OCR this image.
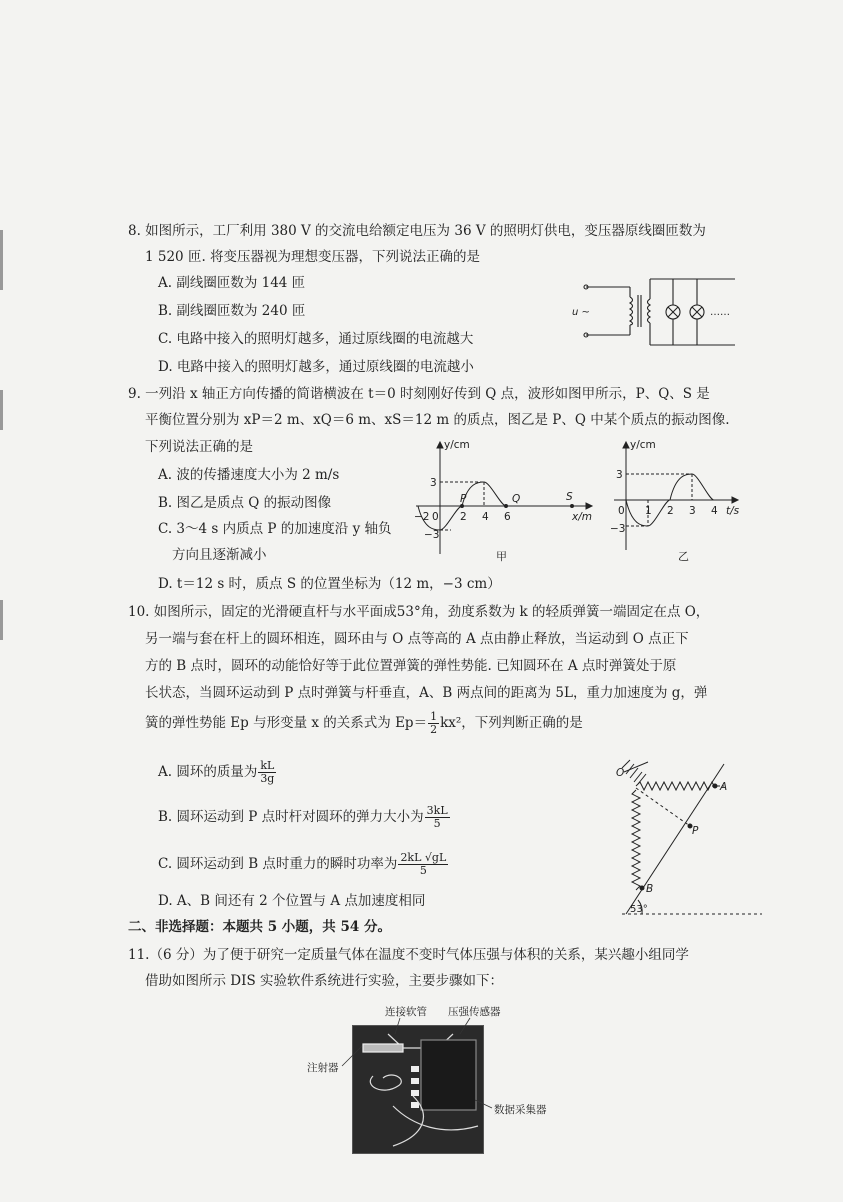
8. 如图所示，工厂利用 380 V 的交流电给额定电压为 36 V 的照明灯供电，变压器原线圈匝数为
1 520 匝. 将变压器视为理想变压器，下列说法正确的是
A. 副线圈匝数为 144 匝
B. 副线圈匝数为 240 匝
C. 电路中接入的照明灯越多，通过原线圈的电流越大
D. 电路中接入的照明灯越多，通过原线圈的电流越小
u ~	……
9. 一列沿 x 轴正方向传播的简谐横波在 t＝0 时刻刚好传到 Q 点，波形如图甲所示，P、Q、S 是
平衡位置分别为 xP＝2 m、xQ＝6 m、xS＝12 m 的质点，图乙是 P、Q 中某个质点的振动图像.
下列说法正确的是
A. 波的传播速度大小为 2 m/s
B. 图乙是质点 Q 的振动图像
C. 3～4 s 内质点 P 的加速度沿 y 轴负
方向且逐渐减小
D. t＝12 s 时，质点 S 的位置坐标为（12 m，−3 cm）
y/cm
x/m
3
−3
−2 0 2 4 6
P	Q	S
甲
y/cm
t/s
3
−3
0 1 2 3 4
乙
10. 如图所示，固定的光滑硬直杆与水平面成53°角，劲度系数为 k 的轻质弹簧一端固定在点 O，
另一端与套在杆上的圆环相连，圆环由与 O 点等高的 A 点由静止释放，当运动到 O 点正下
方的 B 点时，圆环的动能恰好等于此位置弹簧的弹性势能. 已知圆环在 A 点时弹簧处于原
长状态，当圆环运动到 P 点时弹簧与杆垂直，A、B 两点间的距离为 5L，重力加速度为 g，弹
簧的弹性势能 Ep 与形变量 x 的关系式为 $Ep= \frac{1}{2} kx^2$，下列判断正确的是
A. 圆环的质量为 $\frac{kL}{3g}$
B. 圆环运动到 P 点时杆对圆环的弹力大小为 $\frac{3kL}{5}$
C. 圆环运动到 B 点时重力的瞬时功率为 $\frac{2kL √gL}{5}$
D. A、B 间还有 2 个位置与 A 点加速度相同
O
A
P
B
53°
二、非选择题：本题共 5 小题，共 54 分。
11.（6 分）为了便于研究一定质量气体在温度不变时气体压强与体积的关系，某兴趣小组同学
借助如图所示 DIS 实验软件系统进行实验，主要步骤如下：
连接软管 压强传感器
注射器
数据采集器
